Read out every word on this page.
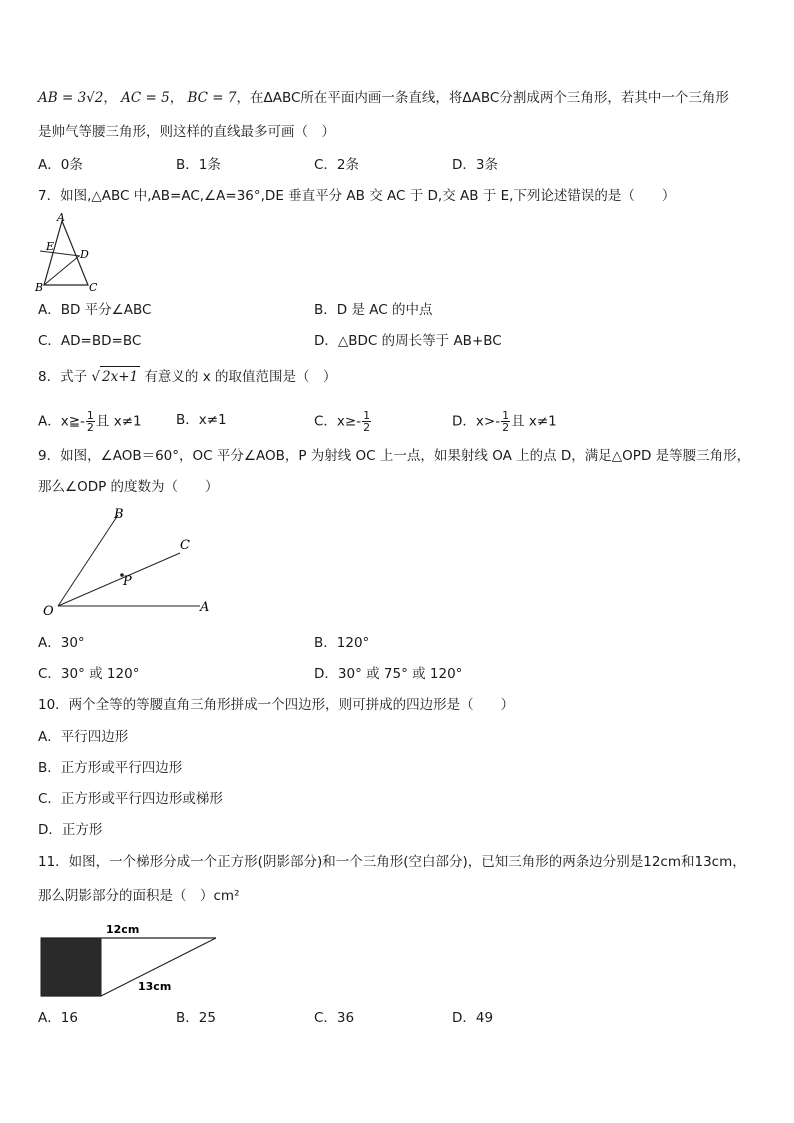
AB = 3√2， AC = 5， BC = 7，在ΔABC所在平面内画一条直线，将ΔABC分割成两个三角形，若其中一个三角形
是帅气等腰三角形，则这样的直线最多可画（　）
A．0条	B．1条	C．2条	D．3条
7．如图,△ABC 中,AB=AC,∠A=36°,DE 垂直平分 AB 交 AC 于 D,交 AB 于 E,下列论述错误的是（　　）
A
B	C
D
E
A．BD 平分∠ABC	B．D 是 AC 的中点
C．AD=BD=BC	D．△BDC 的周长等于 AB+BC
8．式子 √ 2x+1 有意义的 x 的取值范围是（　）
A．x≧- $\frac{1}{2}$ 且 x≠1	B．x≠1	C．$x\ge- \frac{1}{2}$	D．$x>- \frac{1}{2}$ 且 x≠1
9．如图，∠AOB＝60°，OC 平分∠AOB，P 为射线 OC 上一点，如果射线 OA 上的点 D，满足△OPD 是等腰三角形，
那么∠ODP 的度数为（　　）
B
C
P
O	A
A．30°	B．120°
C．30° 或 120°	D．30° 或 75° 或 120°
10．两个全等的等腰直角三角形拼成一个四边形，则可拼成的四边形是（　　）
A．平行四边形
B．正方形或平行四边形
C．正方形或平行四边形或梯形
D．正方形
11．如图，一个梯形分成一个正方形(阴影部分)和一个三角形(空白部分)，已知三角形的两条边分别是12cm和13cm，
那么阴影部分的面积是（　）cm²
12cm
13cm
A．16	B．25	C．36	D．49
